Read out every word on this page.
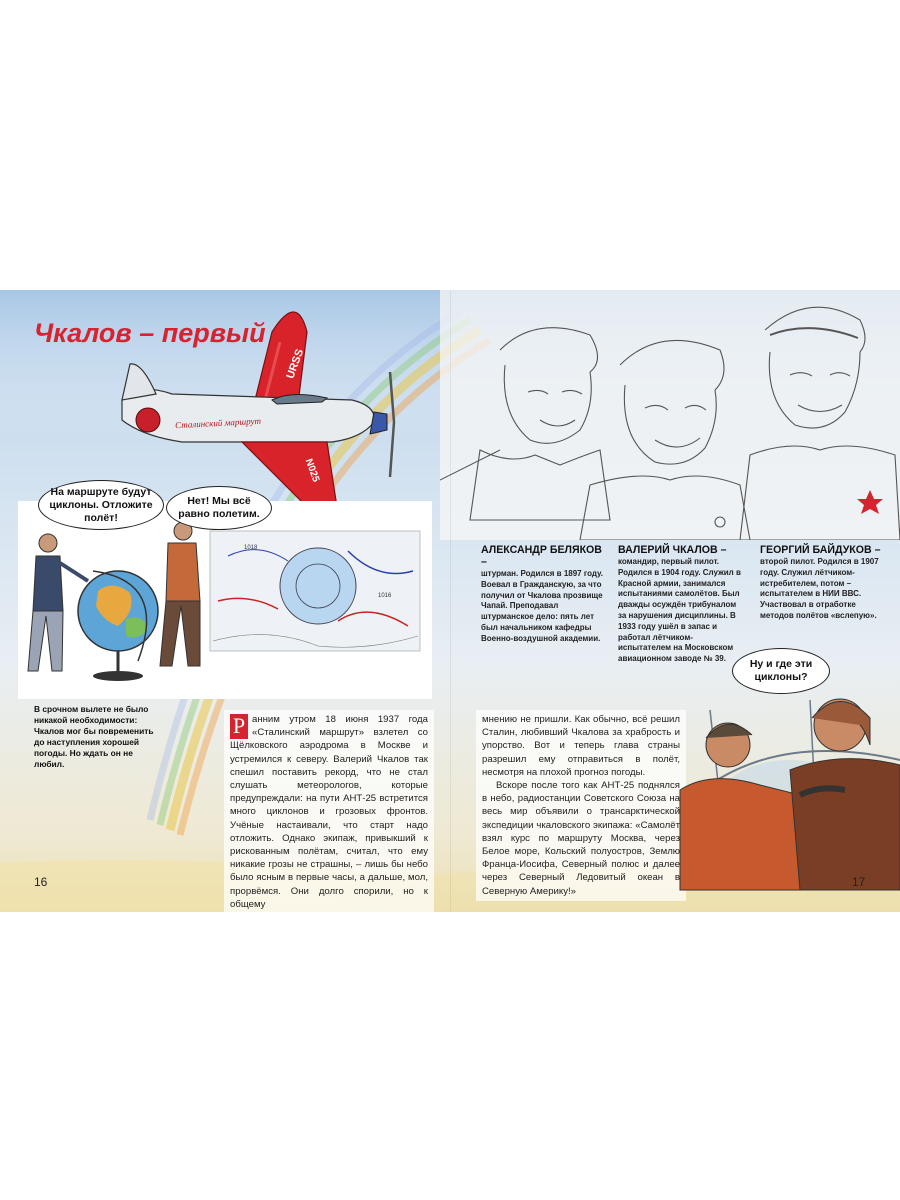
Чкалов – первый
Сталинский маршрут
URSS
N025
АЛЕКСАНДР БЕЛЯКОВ –

штурман. Родился в 1897 году. Воевал в Гражданскую, за что получил от Чкалова прозвище Чапай. Преподавал штурманское дело: пять лет был начальником кафедры Военно-воздушной академии.

ВАЛЕРИЙ ЧКАЛОВ –

командир, первый пилот. Родился в 1904 году. Служил в Красной армии, занимался испытаниями самолётов. Был дважды осуждён трибуналом за нарушения дисциплины. В 1933 году ушёл в запас и работал лётчиком-испытателем на Московском авиационном заводе № 39.

ГЕОРГИЙ БАЙДУКОВ –

второй пилот. Родился в 1907 году. Служил лётчиком-истребителем, потом – испытателем в НИИ ВВС. Участвовал в отработке методов полётов «вслепую».

1018
1016
На маршруте будут циклоны. Отложите полёт!
Нет! Мы всё равно полетим.

В срочном вылете не было никакой необходимости: Чкалов мог бы повременить до наступления хорошей погоды. Но ждать он не любил.

Р анним утром 18 июня 1937 года «Сталинский маршрут» взлетел со Щёлковского аэродрома в Москве и устремился к северу. Валерий Чкалов так спешил поставить рекорд, что не стал слушать метеорологов, которые предупреждали: на пути АНТ-25 встретится много циклонов и грозовых фронтов. Учёные настаивали, что старт надо отложить. Однако экипаж, привыкший к рискованным полётам, считал, что ему никакие грозы не страшны, – лишь бы небо было ясным в первые часы, а дальше, мол, прорвёмся. Они долго спорили, но к общему
мнению не пришли. Как обычно, всё решил Сталин, любивший Чкалова за храбрость и упорство. Вот и теперь глава страны разрешил ему отправиться в полёт, несмотря на плохой прогноз погоды.
Вскоре после того как АНТ-25 поднялся в небо, радиостанции Советского Союза на весь мир объявили о трансарктической экспедиции чкаловского экипажа: «Самолёт взял курс по маршруту Москва, через Белое море, Кольский полуостров, Землю Франца-Иосифа, Северный полюс и далее через Северный Ледовитый океан в Северную Америку!»
Ну и где эти циклоны?
16	17
